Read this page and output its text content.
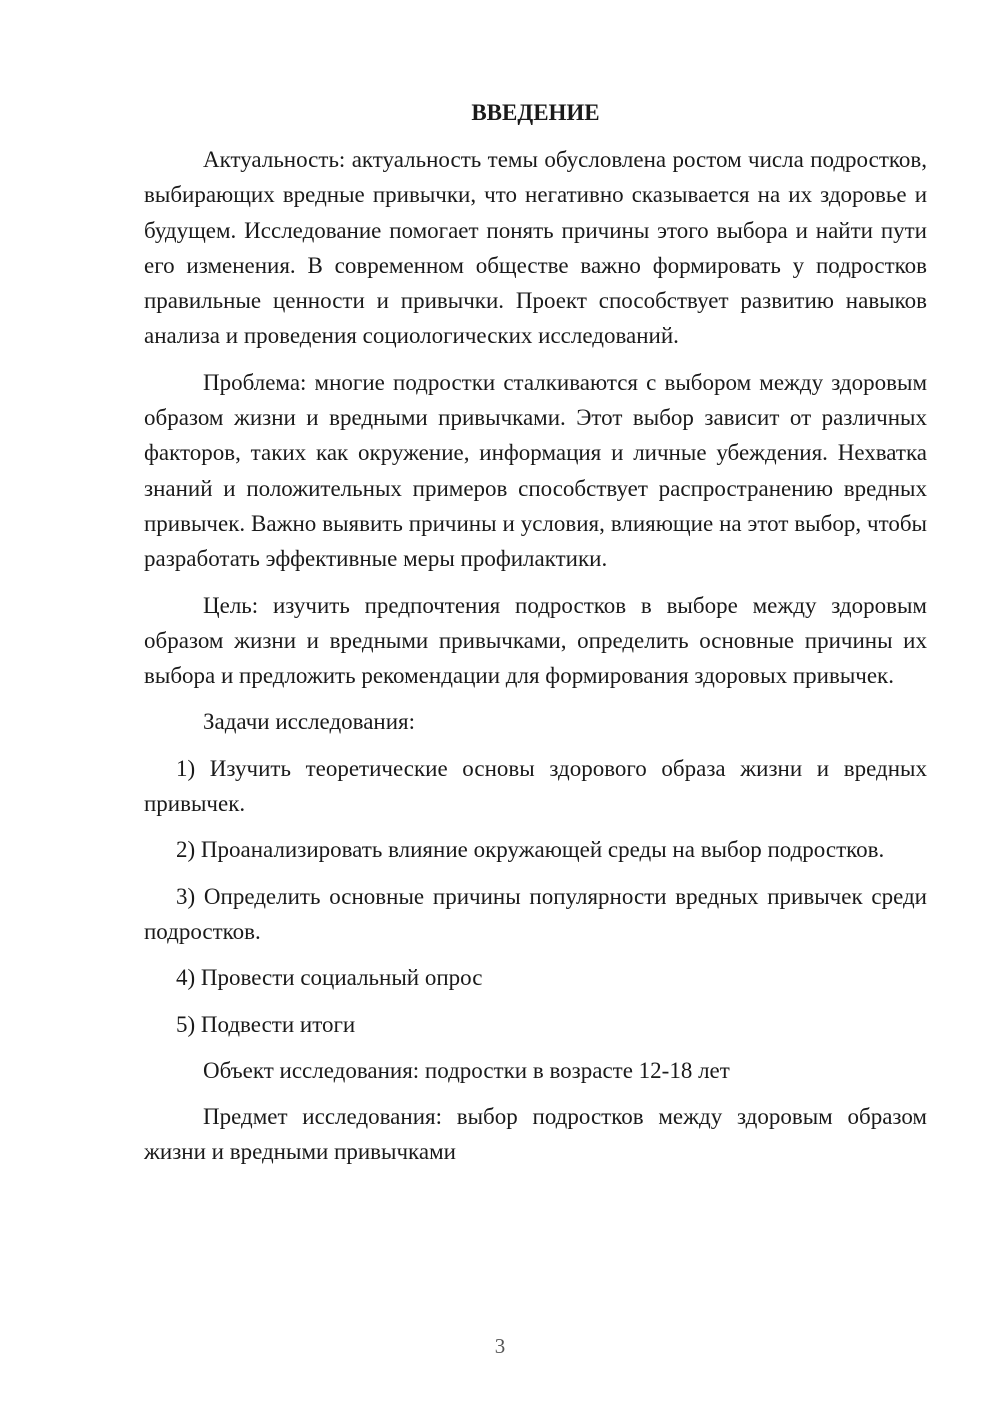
ВВЕДЕНИЕ

Актуальность: актуальность темы обусловлена ростом числа подростков, выбирающих вредные привычки, что негативно сказывается на их здоровье и будущем. Исследование помогает понять причины этого выбора и найти пути его изменения. В современном обществе важно формировать у подростков правильные ценности и привычки. Проект способствует развитию навыков анализа и проведения социологических исследований.

Проблема: многие подростки сталкиваются с выбором между здоровым образом жизни и вредными привычками. Этот выбор зависит от различных факторов, таких как окружение, информация и личные убеждения. Нехватка знаний и положительных примеров способствует распространению вредных привычек. Важно выявить причины и условия, влияющие на этот выбор, чтобы разработать эффективные меры профилактики.

Цель: изучить предпочтения подростков в выборе между здоровым образом жизни и вредными привычками, определить основные причины их выбора и предложить рекомендации для формирования здоровых привычек.

Задачи исследования:

1) Изучить теоретические основы здорового образа жизни и вредных привычек.

2) Проанализировать влияние окружающей среды на выбор подростков.

3) Определить основные причины популярности вредных привычек среди подростков.

4) Провести социальный опрос

5) Подвести итоги

Объект исследования: подростки в возрасте 12-18 лет

Предмет исследования: выбор подростков между здоровым образом жизни и вредными привычками

3
